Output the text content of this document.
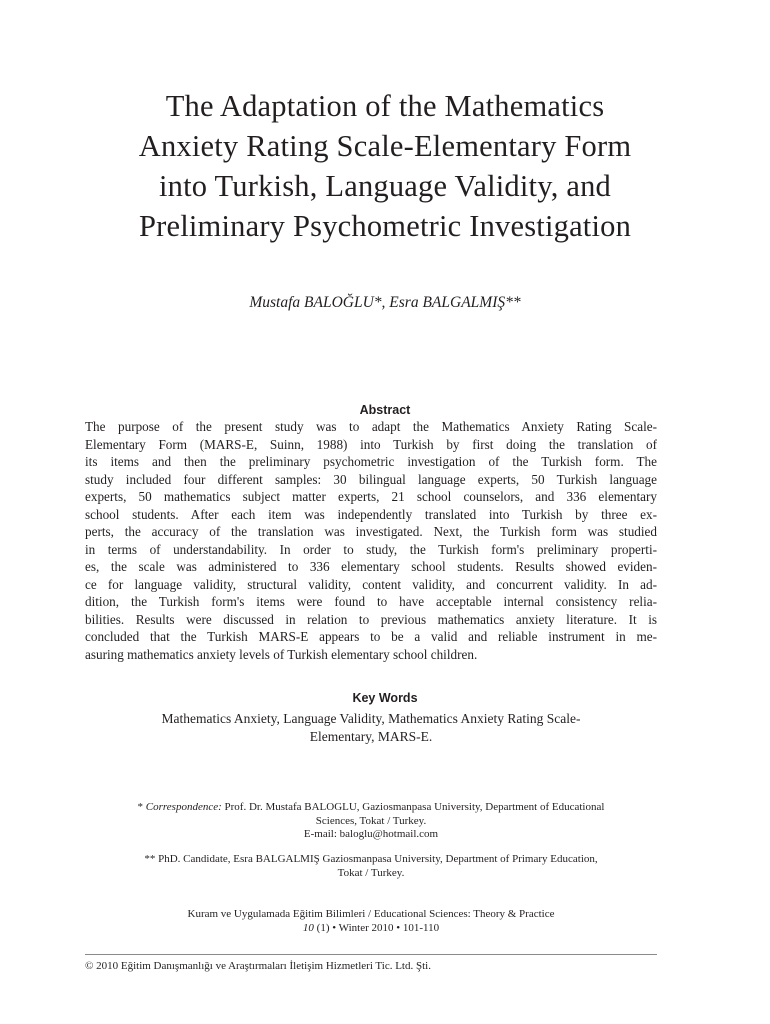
The Adaptation of the Mathematics
Anxiety Rating Scale-Elementary Form
into Turkish, Language Validity, and
Preliminary Psychometric Investigation
Mustafa BALOĞLU*, Esra BALGALMIŞ**
Abstract
The purpose of the present study was to adapt the Mathematics Anxiety Rating Scale-
Elementary Form (MARS-E, Suinn, 1988) into Turkish by first doing the translation of
its items and then the preliminary psychometric investigation of the Turkish form. The
study included four different samples: 30 bilingual language experts, 50 Turkish language
experts, 50 mathematics subject matter experts, 21 school counselors, and 336 elementary
school students. After each item was independently translated into Turkish by three ex-
perts, the accuracy of the translation was investigated. Next, the Turkish form was studied
in terms of understandability. In order to study, the Turkish form's preliminary properti-
es, the scale was administered to 336 elementary school students. Results showed eviden-
ce for language validity, structural validity, content validity, and concurrent validity. In ad-
dition, the Turkish form's items were found to have acceptable internal consistency relia-
bilities. Results were discussed in relation to previous mathematics anxiety literature. It is
concluded that the Turkish MARS-E appears to be a valid and reliable instrument in me-
asuring mathematics anxiety levels of Turkish elementary school children.
Key Words
Mathematics Anxiety, Language Validity, Mathematics Anxiety Rating Scale-
Elementary, MARS-E.
* Correspondence: Prof. Dr. Mustafa BALOGLU, Gaziosmanpasa University, Department of Educational
Sciences, Tokat / Turkey.
E-mail: baloglu@hotmail.com
** PhD. Candidate, Esra BALGALMIŞ Gaziosmanpasa University, Department of Primary Education,
Tokat / Turkey.
Kuram ve Uygulamada Eğitim Bilimleri / Educational Sciences: Theory & Practice
10 (1) • Winter 2010 • 101-110
© 2010 Eğitim Danışmanlığı ve Araştırmaları İletişim Hizmetleri Tic. Ltd. Şti.
